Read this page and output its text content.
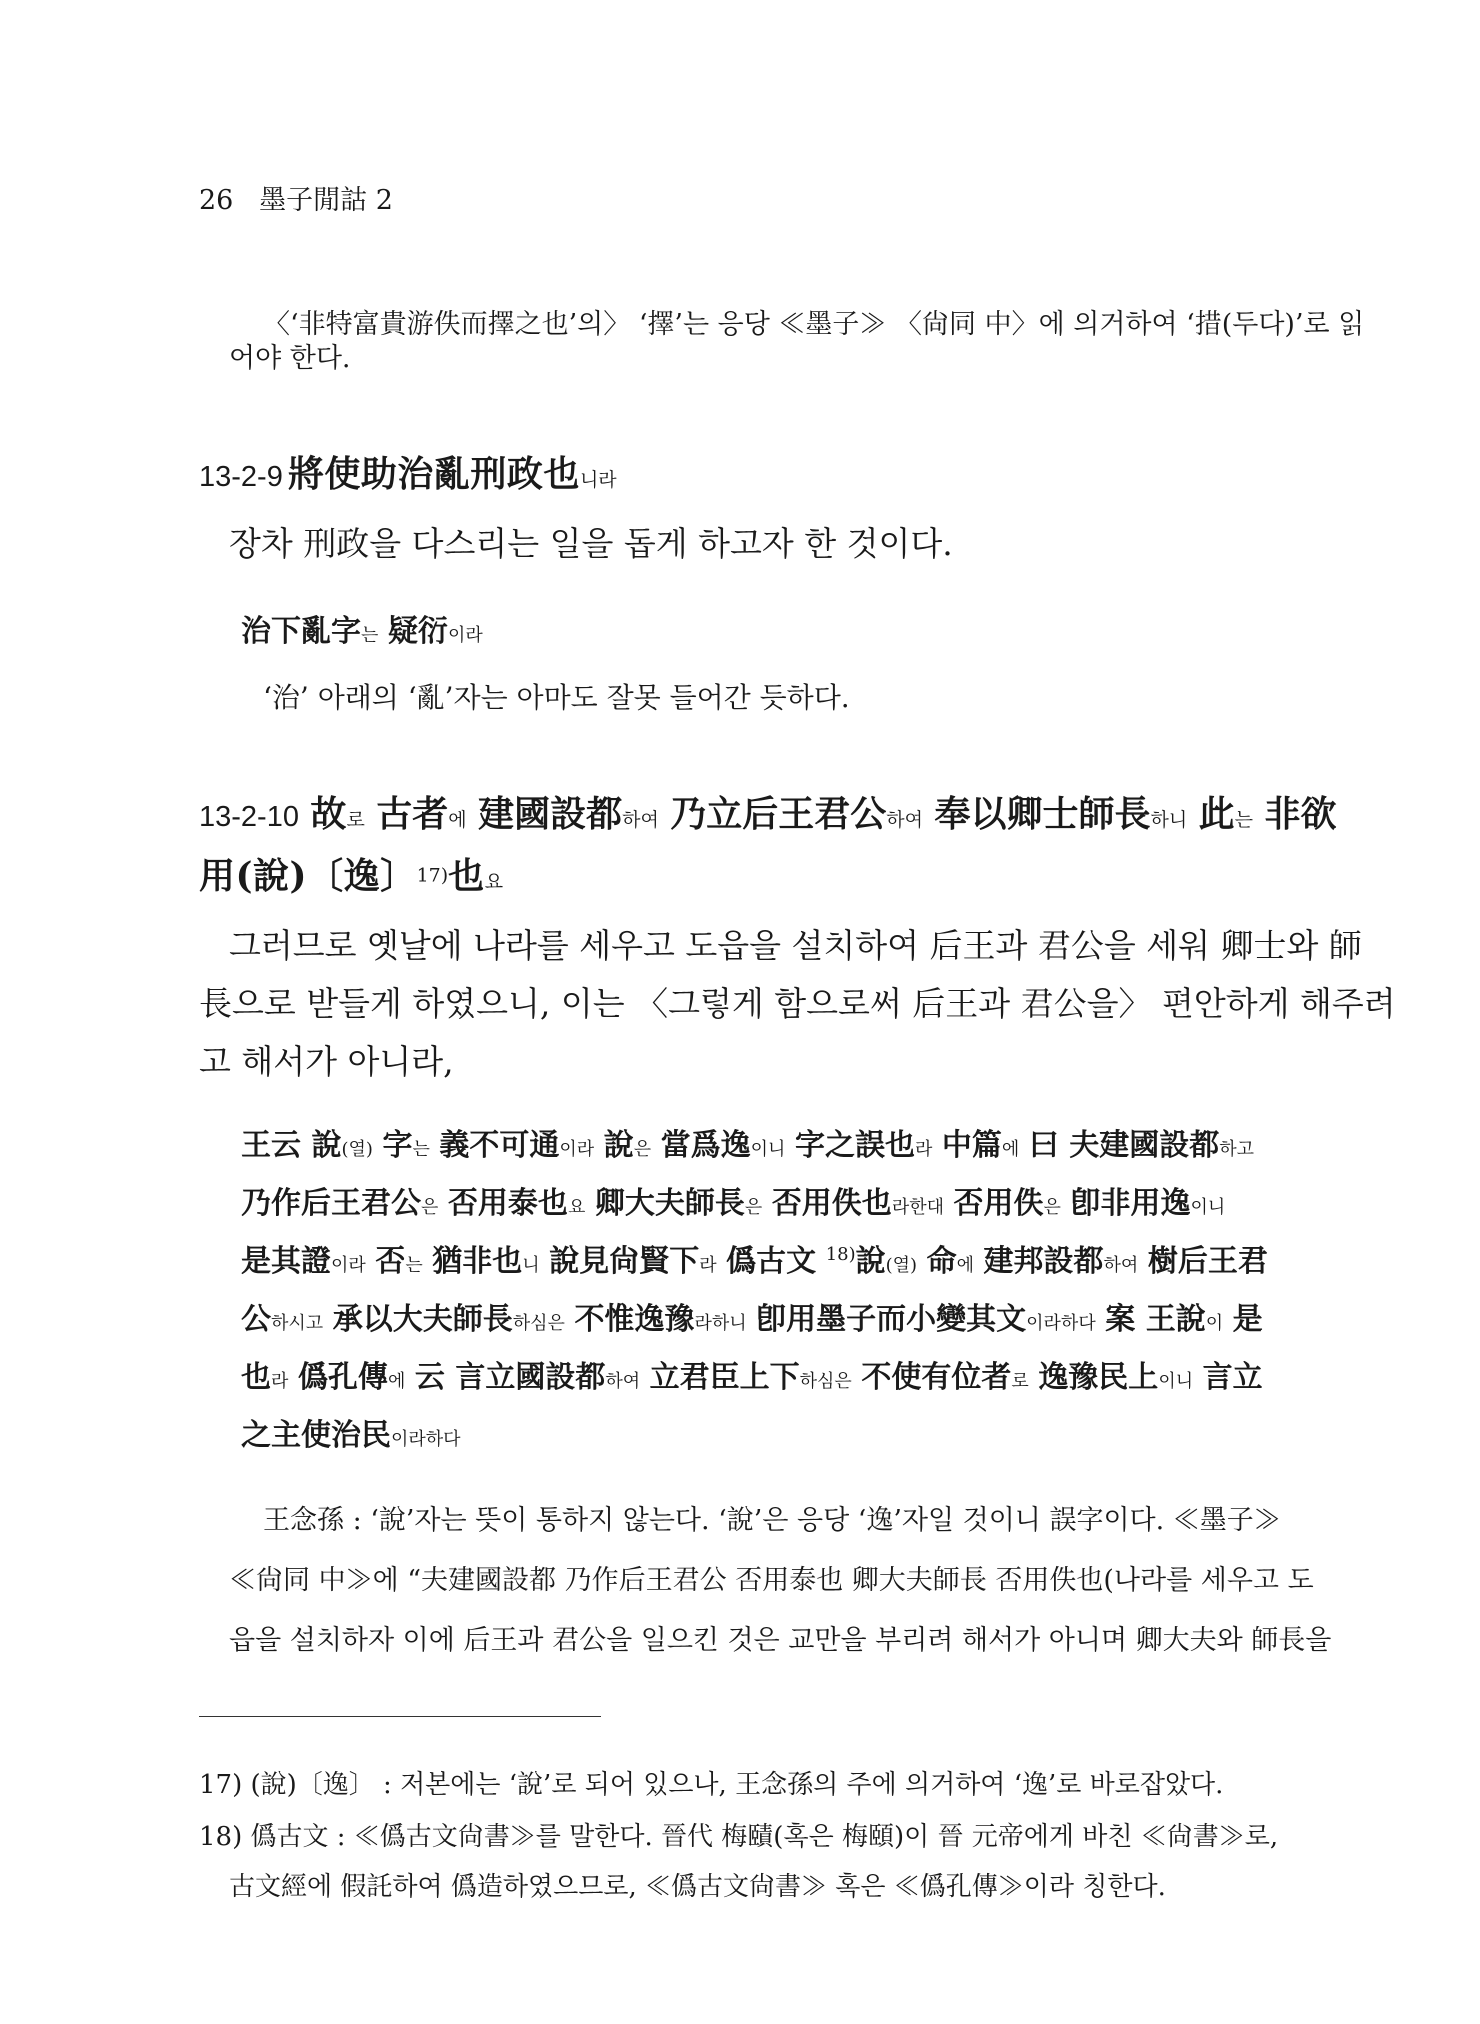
26 墨子閒詁 2
〈‘非特富貴游佚而擇之也’의〉 ‘擇’는 응당 ≪墨子≫ 〈尙同 中〉에 의거하여 ‘措(두다)’로 읽
어야 한다.
13-2-9 將使助治亂刑政也니라
장차 刑政을 다스리는 일을 돕게 하고자 한 것이다.
治下亂字는 疑衍이라
‘治’ 아래의 ‘亂’자는 아마도 잘못 들어간 듯하다.
13-2-10 故로 古者에 建國設都하여 乃立后王君公하여 奉以卿士師長하니 此는 非欲
用(說)〔逸〕$^{17)}$也요
그러므로 옛날에 나라를 세우고 도읍을 설치하여 后王과 君公을 세워 卿士와 師
長으로 받들게 하였으니, 이는 〈그렇게 함으로써 后王과 君公을〉 편안하게 해주려
고 해서가 아니라,
王云 說(열) 字는 義不可通이라 說은 當爲逸이니 字之誤也라 中篇에 曰 夫建國設都하고
乃作后王君公은 否用泰也요 卿大夫師長은 否用佚也라한대 否用佚은 卽非用逸이니
是其證이라 否는 猶非也니 說見尙賢下라 僞古文 $^{18)}$說(열) 命에 建邦設都하여 樹后王君
公하시고 承以大夫師長하심은 不惟逸豫라하니 卽用墨子而小變其文이라하다 案 王說이 是
也라 僞孔傳에 云 言立國設都하여 立君臣上下하심은 不使有位者로 逸豫民上이니 言立
之主使治民이라하다
王念孫 : ‘說’자는 뜻이 통하지 않는다. ‘說’은 응당 ‘逸’자일 것이니 誤字이다. ≪墨子≫
≪尙同 中≫에 “夫建國設都 乃作后王君公 否用泰也 卿大夫師長 否用佚也(나라를 세우고 도
읍을 설치하자 이에 后王과 君公을 일으킨 것은 교만을 부리려 해서가 아니며 卿大夫와 師長을
17) (說)〔逸〕 : 저본에는 ‘說’로 되어 있으나, 王念孫의 주에 의거하여 ‘逸’로 바로잡았다.
18) 僞古文 : ≪僞古文尙書≫를 말한다. 晉代 梅賾(혹은 梅頤)이 晉 元帝에게 바친 ≪尙書≫로,
古文經에 假託하여 僞造하였으므로, ≪僞古文尙書≫ 혹은 ≪僞孔傳≫이라 칭한다.
